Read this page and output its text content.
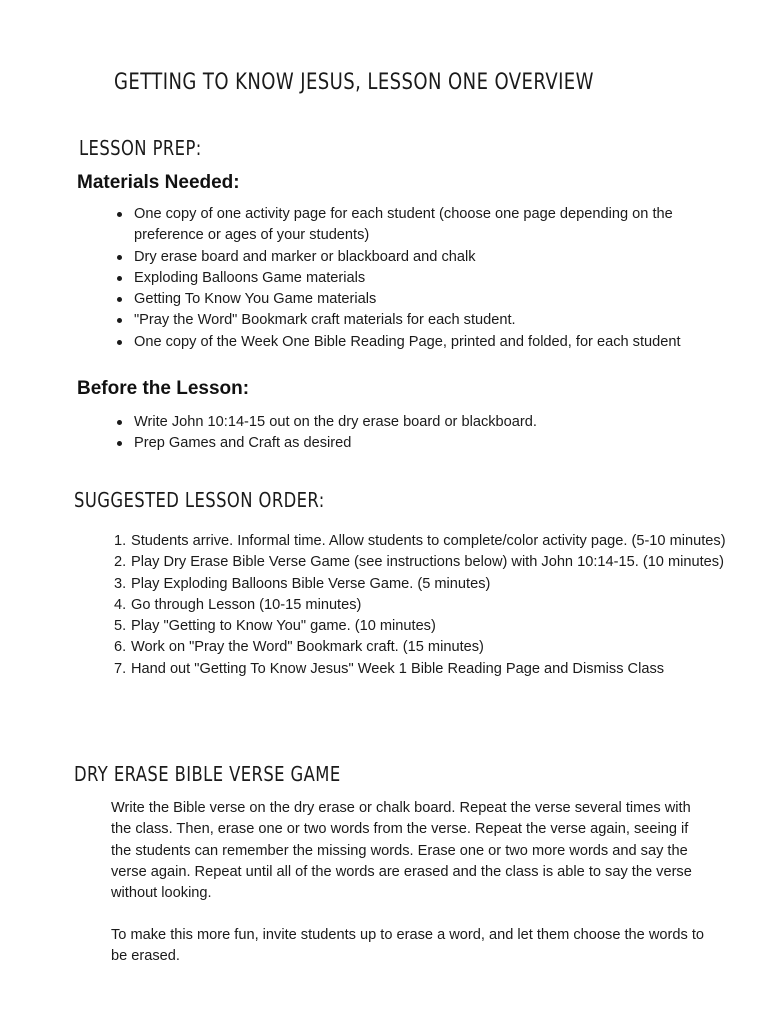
GETTING TO KNOW JESUS, LESSON ONE OVERVIEW
LESSON PREP:
Materials Needed:
One copy of one activity page for each student (choose one page depending on the preference or ages of your students)
Dry erase board and marker or blackboard and chalk
Exploding Balloons Game materials
Getting To Know You Game materials
"Pray the Word" Bookmark craft materials for each student.
One copy of the Week One Bible Reading Page, printed and folded, for each student
Before the Lesson:
Write John 10:14-15 out on the dry erase board or blackboard.
Prep Games and Craft as desired
SUGGESTED LESSON ORDER:
1. Students arrive. Informal time. Allow students to complete/color activity page. (5-10 minutes)
2. Play Dry Erase Bible Verse Game (see instructions below) with John 10:14-15. (10 minutes)
3. Play Exploding Balloons Bible Verse Game. (5 minutes)
4. Go through Lesson (10-15 minutes)
5. Play "Getting to Know You" game. (10 minutes)
6. Work on "Pray the Word" Bookmark craft. (15 minutes)
7. Hand out "Getting To Know Jesus" Week 1 Bible Reading Page and Dismiss Class
DRY ERASE BIBLE VERSE GAME

Write the Bible verse on the dry erase or chalk board. Repeat the verse several times with the class. Then, erase one or two words from the verse. Repeat the verse again, seeing if the students can remember the missing words. Erase one or two more words and say the verse again. Repeat until all of the words are erased and the class is able to say the verse without looking.

To make this more fun, invite students up to erase a word, and let them choose the words to be erased.
